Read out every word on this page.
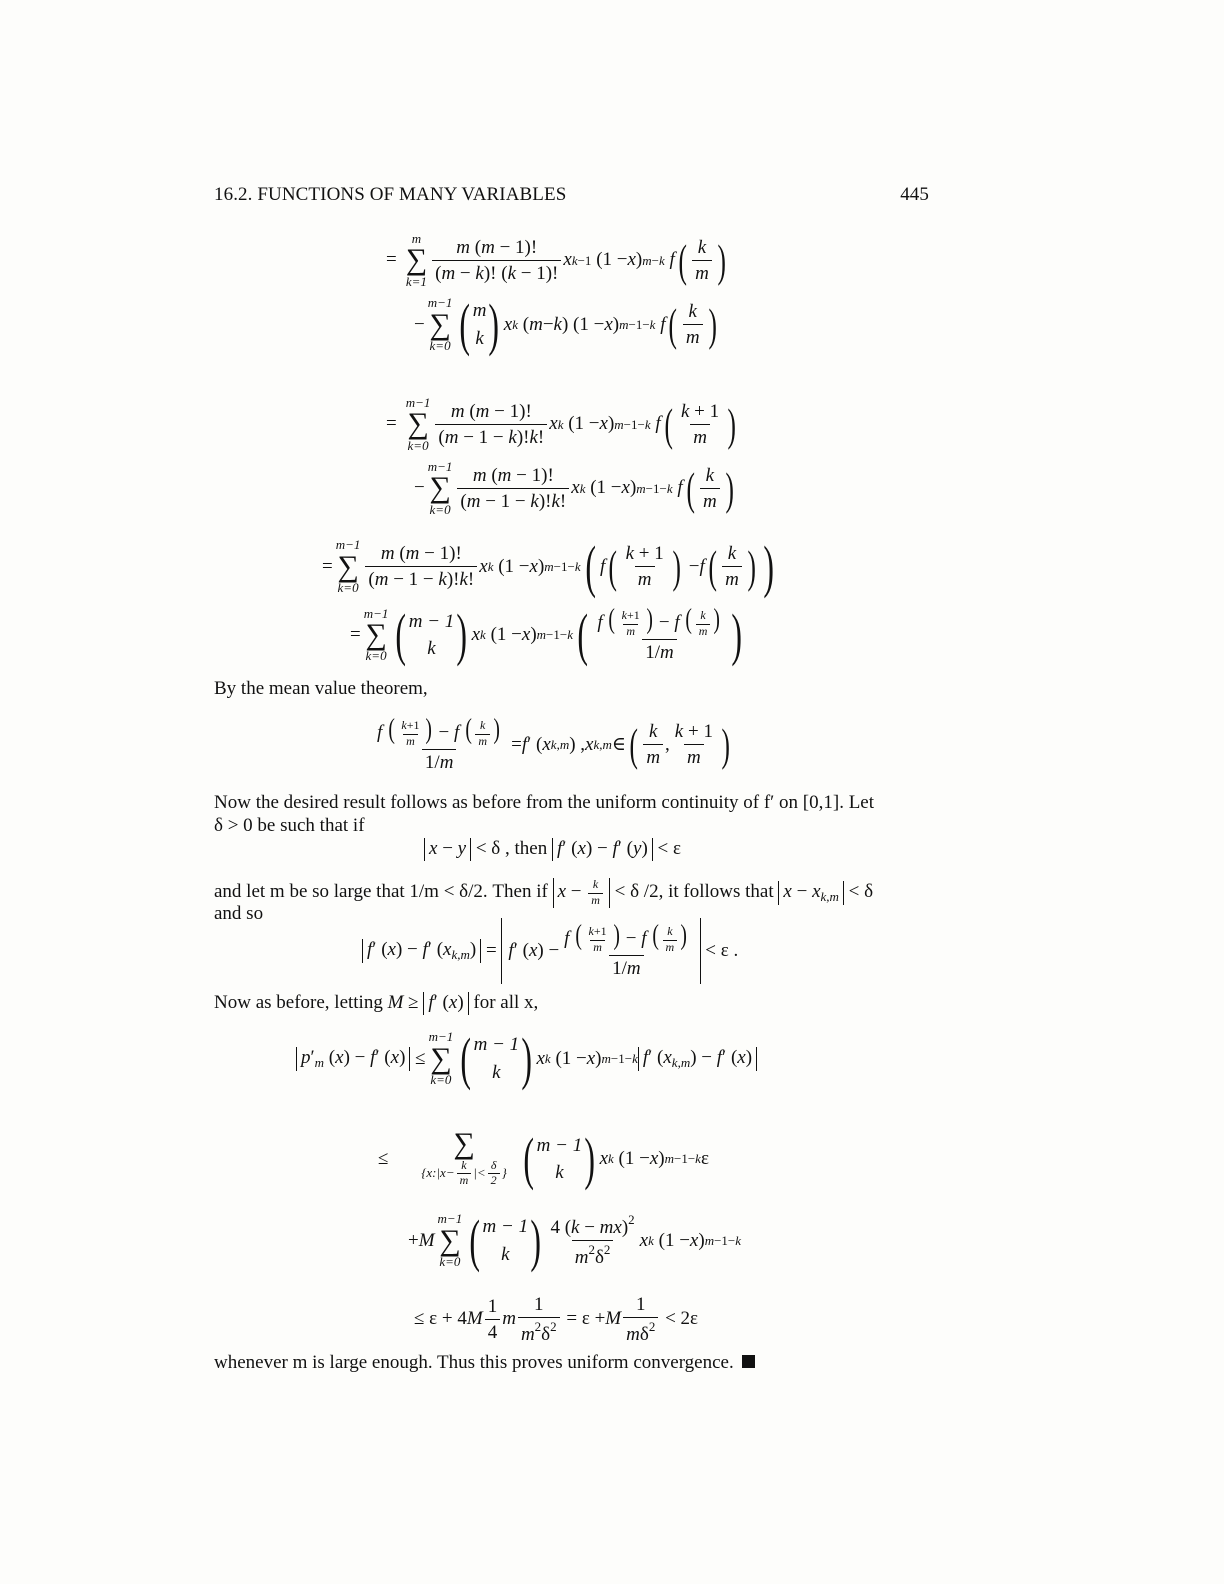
16.2. FUNCTIONS OF MANY VARIABLES	445
=
m
∑
$k=1 \frac{m (m - 1)!}{(m - k)! (k - 1)!}$ x k−1 (1 − x ) m−k
f ( $\frac{k}{m}$ )
−
m−1
∑
k=0 ( m
k ) x k ( m − k ) (1 − x ) m−1−k
f ( $\frac{k}{m}$ )
=
m−1
∑
$k=0 \frac{m (m - 1)!}{(m - 1 - k)!k!}$ x k (1 − x ) m−1−k
f ( $\frac{k + 1}{m}$ )
−
m−1
∑
$k=0 \frac{m (m - 1)!}{(m - 1 - k)!k!}$ x k (1 − x ) m−1−k
f ( $\frac{k}{m}$ )
=
m−1
∑
$k=0 \frac{m (m - 1)!}{(m - 1 - k)!k!}$ x k (1 − x ) m−1−k ( f ( $\frac{k + 1}{m}$ ) − f ( $\frac{k}{m}$ ) )
=
m−1
∑
k=0 ( m − 1
k ) x k (1 − x ) m−1−k ( $\frac{f ( \frac{k+1}{m} ) - f ( \frac{k}{m} )}{1/m}$ )
By the mean value theorem,
$\frac{f ( \frac{k+1}{m} ) - f ( \frac{k}{m} )}{1/m} = f$ ′ ( x k,m ) , x k,m ∈ ( $\frac{k}{m}$ , $\frac{k + 1}{m}$ )
Now the desired result follows as before from the uniform continuity of f′ on [0,1]. Let
δ > 0 be such that if
x − y < δ , then
f′ (x) − f′ (y) < ε
and let m be so large that 1/m < δ/2. Then if
$x - \frac{k}{m} < \delta$ /2 , it follows that
$x - x_{k,m} < \delta$
and so
f′ (x) − f′ $(x_{k,m}) = f$ ′ ( x ) − $\frac{f ( \frac{k+1}{m} ) - f ( \frac{k}{m} )}{1/m} < \varepsilon$ .
Now as before, letting
M ≥ f′ (x)
for all x,
$p'_m$ (x) − f′ (x) ≤
m−1
∑
k=0 ( m − 1
k ) x k (1 − x ) m−1−k f′ $(x_{k,m}) - f'$ (x)
≤
∑
{x:|x− $\frac{k}{m}$ |< $\frac{\delta}{2}$ }
( m − 1
k ) x k (1 − x ) m−1−k ε
+ M
m−1
∑
k=0 ( m − 1
k ) $\frac{4 (k - mx)^2}{m^2\delta^2}$ x k (1 − x ) m−1−k
≤ ε + 4 M $\frac{1}{4}$ m $\frac{1}{m^2\delta^2} = \varepsilon + M \frac{1}{m\delta^2} < 2\varepsilon$
whenever m is large enough. Thus this proves uniform convergence.
